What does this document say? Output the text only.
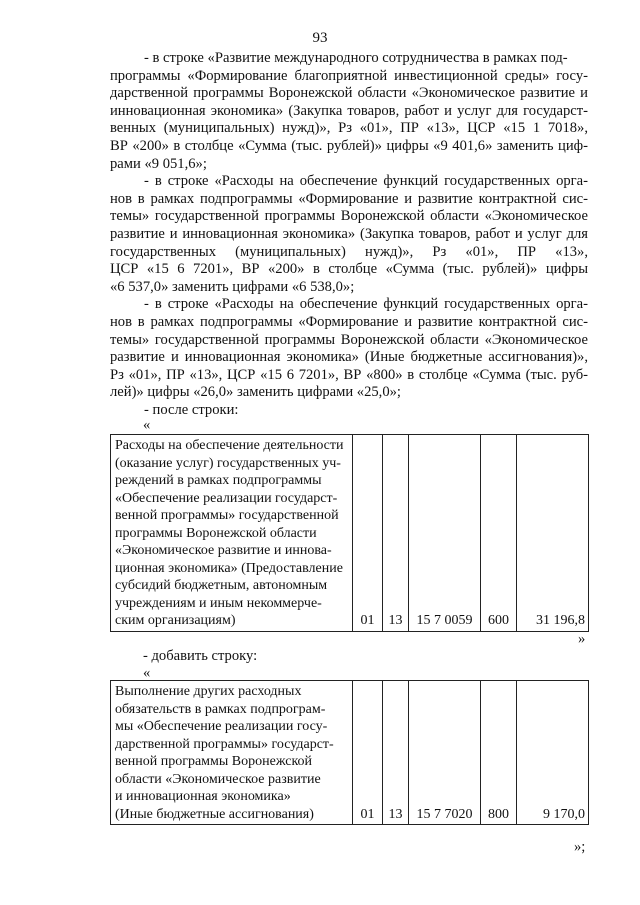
93
- в строке «Развитие международного сотрудничества в рамках под-
программы «Формирование благоприятной инвестиционной среды» госу-
дарственной программы Воронежской области «Экономическое развитие и
инновационная экономика» (Закупка товаров, работ и услуг для государст-
венных (муниципальных) нужд)», Рз «01», ПР «13», ЦСР «15 1 7018»,
ВР «200» в столбце «Сумма (тыс. рублей)» цифры «9 401,6» заменить циф-
рами «9 051,6»;
- в строке «Расходы на обеспечение функций государственных орга-
нов в рамках подпрограммы «Формирование и развитие контрактной сис-
темы» государственной программы Воронежской области «Экономическое
развитие и инновационная экономика» (Закупка товаров, работ и услуг для
государственных (муниципальных) нужд)», Рз «01», ПР «13»,
ЦСР «15 6 7201», ВР «200» в столбце «Сумма (тыс. рублей)» цифры
«6 537,0» заменить цифрами «6 538,0»;
- в строке «Расходы на обеспечение функций государственных орга-
нов в рамках подпрограммы «Формирование и развитие контрактной сис-
темы» государственной программы Воронежской области «Экономическое
развитие и инновационная экономика» (Иные бюджетные ассигнования)»,
Рз «01», ПР «13», ЦСР «15 6 7201», ВР «800» в столбце «Сумма (тыс. руб-
лей)» цифры «26,0» заменить цифрами «25,0»;
- после строки:
«
Расходы на обеспечение деятельности
(оказание услуг) государственных уч-
реждений в рамках подпрограммы
«Обеспечение реализации государст-
венной программы» государственной
программы Воронежской области
«Экономическое развитие и иннова-
ционная экономика» (Предоставление
субсидий бюджетным, автономным
учреждениям и иным некоммерче-
ским организациям)	01	13	15 7 0059	600	31 196,8
»
- добавить строку:
«
Выполнение других расходных
обязательств в рамках подпрограм-
мы «Обеспечение реализации госу-
дарственной программы» государст-
венной программы Воронежской
области «Экономическое развитие
и инновационная экономика»
(Иные бюджетные ассигнования)	01	13	15 7 7020	800	9 170,0
»;
